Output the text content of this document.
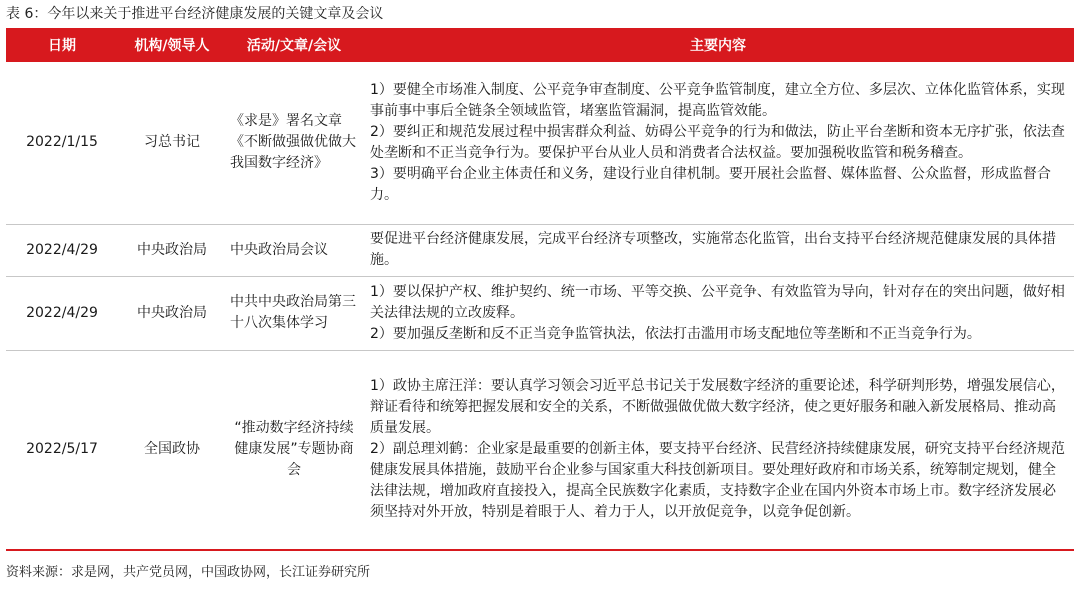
表 6：今年以来关于推进平台经济健康发展的关键文章及会议
日期	机构/领导人	活动/文章/会议	主要内容
2022/1/15	习总书记	《求是》署名文章《不断做强做优做大我国数字经济》	1）要健全市场准入制度、公平竞争审查制度、公平竞争监管制度，建立全方位、多层次、立体化监管体系，实现事前事中事后全链条全领域监管，堵塞监管漏洞，提高监管效能。

2）要纠正和规范发展过程中损害群众利益、妨碍公平竞争的行为和做法，防止平台垄断和资本无序扩张，依法查处垄断和不正当竞争行为。要保护平台从业人员和消费者合法权益。要加强税收监管和税务稽查。

3）要明确平台企业主体责任和义务，建设行业自律机制。要开展社会监督、媒体监督、公众监督，形成监督合力。

2022/4/29	中央政治局	中央政治局会议	要促进平台经济健康发展，完成平台经济专项整改，实施常态化监管，出台支持平台经济规范健康发展的具体措施。

2022/4/29	中央政治局	中共中央政治局第三十八次集体学习	1）要以保护产权、维护契约、统一市场、平等交换、公平竞争、有效监管为导向，针对存在的突出问题，做好相关法律法规的立改废释。

2）要加强反垄断和反不正当竞争监管执法，依法打击滥用市场支配地位等垄断和不正当竞争行为。

2022/5/17	全国政协	“推动数字经济持续健康发展”专题协商会	1）政协主席汪洋：要认真学习领会习近平总书记关于发展数字经济的重要论述，科学研判形势，增强发展信心，辩证看待和统筹把握发展和安全的关系，不断做强做优做大数字经济，使之更好服务和融入新发展格局、推动高质量发展。

2）副总理刘鹤：企业家是最重要的创新主体，要支持平台经济、民营经济持续健康发展，研究支持平台经济规范健康发展具体措施，鼓励平台企业参与国家重大科技创新项目。要处理好政府和市场关系，统筹制定规划，健全法律法规，增加政府直接投入，提高全民族数字化素质，支持数字企业在国内外资本市场上市。数字经济发展必须坚持对外开放，特别是着眼于人、着力于人，以开放促竞争，以竞争促创新。

资料来源：求是网，共产党员网，中国政协网，长江证券研究所
